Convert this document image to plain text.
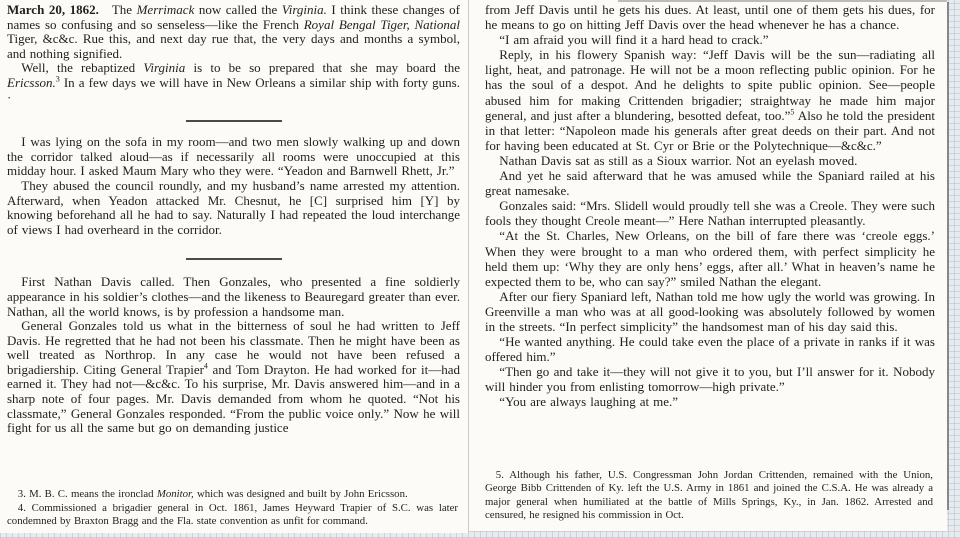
March 20, 1862.  The Merrimack now called the Virginia. I think these changes of names so confusing and so senseless—like the French Royal Bengal Tiger, National Tiger, &c&c. Rue this, and next day rue that, the very days and months a symbol, and nothing signified.

Well, the rebaptized Virginia is to be so prepared that she may board the Ericsson.$^3$ In a few days we will have in New Orleans a similar ship with forty guns. ·

I was lying on the sofa in my room—and two men slowly walking up and down the corridor talked aloud—as if necessarily all rooms were unoccupied at this midday hour. I asked Maum Mary who they were. “Yeadon and Barnwell Rhett, Jr.”

They abused the council roundly, and my husband’s name arrested my attention. Afterward, when Yeadon attacked Mr. Chesnut, he [C] surprised him [Y] by knowing beforehand all he had to say. Naturally I had repeated the loud interchange of views I had overheard in the corridor.

First Nathan Davis called. Then Gonzales, who presented a fine soldierly appearance in his soldier’s clothes—and the likeness to Beauregard greater than ever. Nathan, all the world knows, is by profession a handsome man.

General Gonzales told us what in the bitterness of soul he had written to Jeff Davis. He regretted that he had not been his classmate. Then he might have been as well treated as Northrop. In any case he would not have been refused a brigadiership. Citing General Trapier$^4$ and Tom Drayton. He had worked for it—had earned it. They had not—&c&c. To his surprise, Mr. Davis answered him—and in a sharp note of four pages. Mr. Davis demanded from whom he quoted. “Not his classmate,” General Gonzales responded. “From the public voice only.” Now he will fight for us all the same but go on demanding justice

3. M. B. C. means the ironclad Monitor, which was designed and built by John Ericsson.

4. Commissioned a brigadier general in Oct. 1861, James Heyward Trapier of S.C. was later condemned by Braxton Bragg and the Fla. state convention as unfit for command.

from Jeff Davis until he gets his dues. At least, until one of them gets his dues, for he means to go on hitting Jeff Davis over the head whenever he has a chance.

“I am afraid you will find it a hard head to crack.”

Reply, in his flowery Spanish way: “Jeff Davis will be the sun—radiating all light, heat, and patronage. He will not be a moon reflecting public opinion. For he has the soul of a despot. And he delights to spite public opinion. See—people abused him for making Crittenden brigadier; straightway he made him major general, and just after a blundering, besotted defeat, too.”$^5$ Also he told the president in that letter: “Napoleon made his generals after great deeds on their part. And not for having been educated at St. Cyr or Brie or the Polytechnique—&c&c.”

Nathan Davis sat as still as a Sioux warrior. Not an eyelash moved.

And yet he said afterward that he was amused while the Spaniard railed at his great namesake.

Gonzales said: “Mrs. Slidell would proudly tell she was a Creole. They were such fools they thought Creole meant—” Here Nathan interrupted pleasantly.

“At the St. Charles, New Orleans, on the bill of fare there was ‘creole eggs.’ When they were brought to a man who ordered them, with perfect simplicity he held them up: ‘Why they are only hens’ eggs, after all.’ What in heaven’s name he expected them to be, who can say?” smiled Nathan the elegant.

After our fiery Spaniard left, Nathan told me how ugly the world was growing. In Greenville a man who was at all good-looking was absolutely followed by women in the streets. “In perfect simplicity” the handsomest man of his day said this.

“He wanted anything. He could take even the place of a private in ranks if it was offered him.”

“Then go and take it—they will not give it to you, but I’ll answer for it. Nobody will hinder you from enlisting tomorrow—high private.”

“You are always laughing at me.”

5. Although his father, U.S. Congressman John Jordan Crittenden, remained with the Union, George Bibb Crittenden of Ky. left the U.S. Army in 1861 and joined the C.S.A. He was already a major general when humiliated at the battle of Mills Springs, Ky., in Jan. 1862. Arrested and censured, he resigned his commission in Oct.
